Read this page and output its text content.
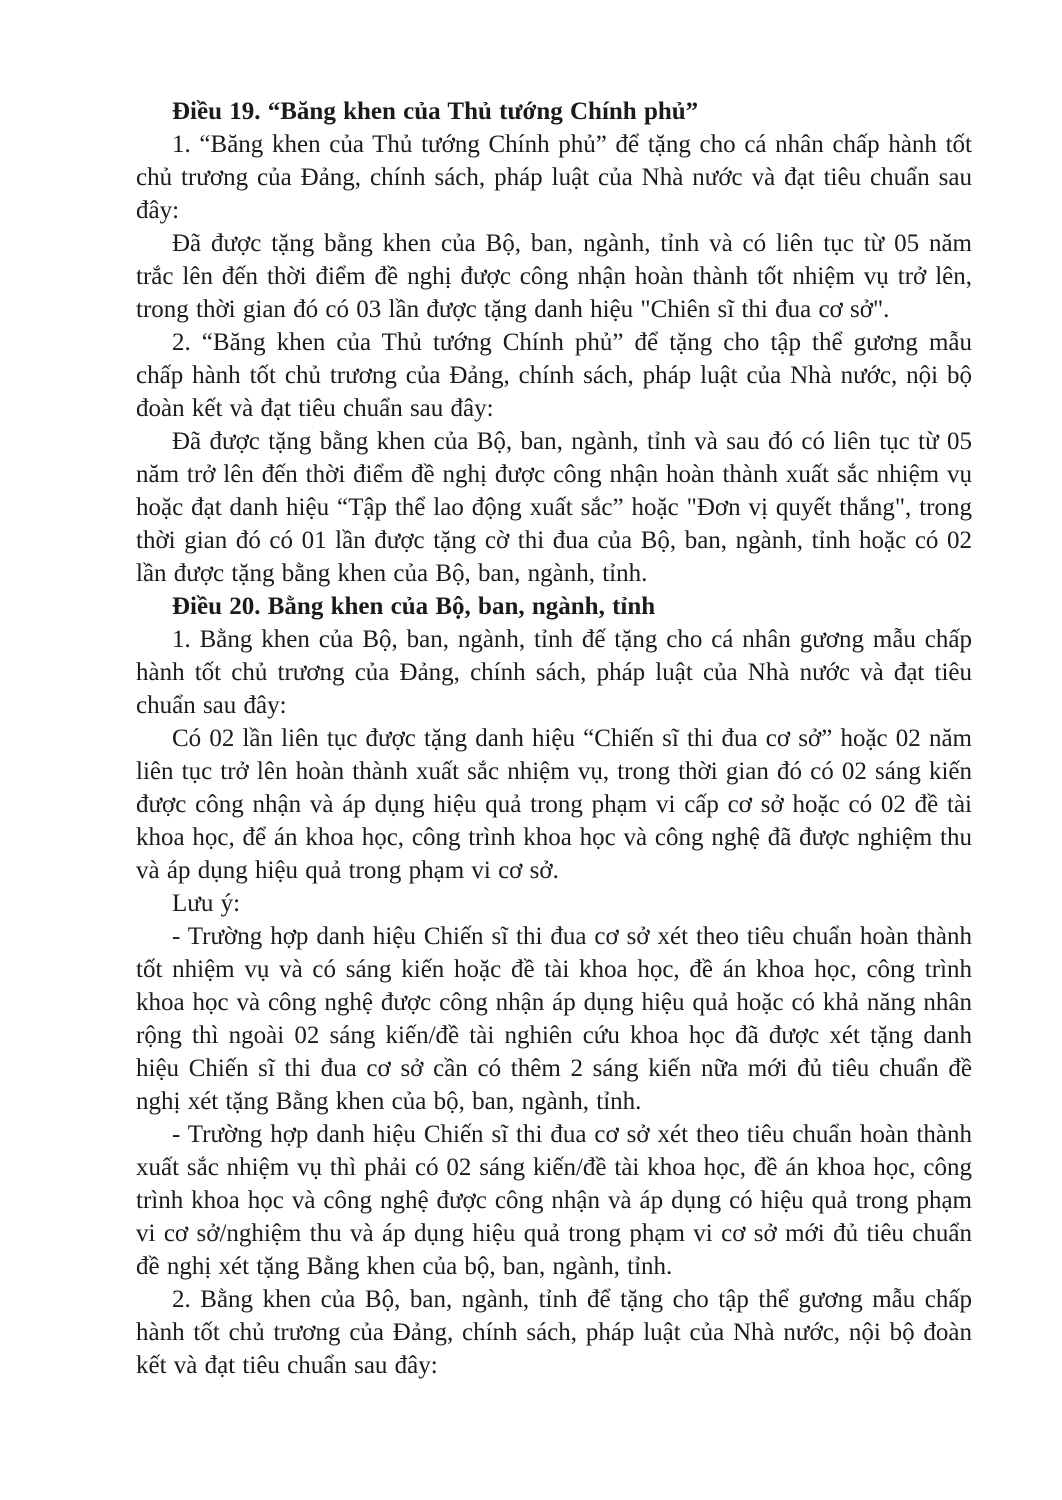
Điều 19. “Băng khen của Thủ tướng Chính phủ”

1. “Băng khen của Thủ tướng Chính phủ” để tặng cho cá nhân chấp hành tốt chủ trương của Đảng, chính sách, pháp luật của Nhà nước và đạt tiêu chuẩn sau đây:

Đã được tặng bằng khen của Bộ, ban, ngành, tỉnh và có liên tục từ 05 năm trắc lên đến thời điểm đề nghị được công nhận hoàn thành tốt nhiệm vụ trở lên, trong thời gian đó có 03 lần được tặng danh hiệu "Chiên sĩ thi đua cơ sở".

2. “Băng khen của Thủ tướng Chính phủ” để tặng cho tập thể gương mẫu chấp hành tốt chủ trương của Đảng, chính sách, pháp luật của Nhà nước, nội bộ đoàn kết và đạt tiêu chuẩn sau đây:

Đã được tặng bằng khen của Bộ, ban, ngành, tỉnh và sau đó có liên tục từ 05 năm trở lên đến thời điểm đề nghị được công nhận hoàn thành xuất sắc nhiệm vụ hoặc đạt danh hiệu “Tập thể lao động xuất sắc” hoặc "Đơn vị quyết thắng", trong thời gian đó có 01 lần được tặng cờ thi đua của Bộ, ban, ngành, tỉnh hoặc có 02 lần được tặng bằng khen của Bộ, ban, ngành, tỉnh.

Điều 20. Bằng khen của Bộ, ban, ngành, tỉnh

1. Bằng khen của Bộ, ban, ngành, tỉnh đế tặng cho cá nhân gương mẫu chấp hành tốt chủ trương của Đảng, chính sách, pháp luật của Nhà nước và đạt tiêu chuẩn sau đây:

Có 02 lần liên tục được tặng danh hiệu “Chiến sĩ thi đua cơ sở” hoặc 02 năm liên tục trở lên hoàn thành xuất sắc nhiệm vụ, trong thời gian đó có 02 sáng kiến được công nhận và áp dụng hiệu quả trong phạm vi cấp cơ sở hoặc có 02 đề tài khoa học, để án khoa học, công trình khoa học và công nghệ đã được nghiệm thu và áp dụng hiệu quả trong phạm vi cơ sở.

Lưu ý:

- Trường hợp danh hiệu Chiến sĩ thi đua cơ sở xét theo tiêu chuẩn hoàn thành tốt nhiệm vụ và có sáng kiến hoặc đề tài khoa học, đề án khoa học, công trình khoa học và công nghệ được công nhận áp dụng hiệu quả hoặc có khả năng nhân rộng thì ngoài 02 sáng kiến/đề tài nghiên cứu khoa học đã được xét tặng danh hiệu Chiến sĩ thi đua cơ sở cần có thêm 2 sáng kiến nữa mới đủ tiêu chuẩn đề nghị xét tặng Bằng khen của bộ, ban, ngành, tỉnh.

- Trường hợp danh hiệu Chiến sĩ thi đua cơ sở xét theo tiêu chuẩn hoàn thành xuất sắc nhiệm vụ thì phải có 02 sáng kiến/đề tài khoa học, đề án khoa học, công trình khoa học và công nghệ được công nhận và áp dụng có hiệu quả trong phạm vi cơ sở/nghiệm thu và áp dụng hiệu quả trong phạm vi cơ sở mới đủ tiêu chuẩn đề nghị xét tặng Bằng khen của bộ, ban, ngành, tỉnh.

2. Bằng khen của Bộ, ban, ngành, tỉnh để tặng cho tập thể gương mẫu chấp hành tốt chủ trương của Đảng, chính sách, pháp luật của Nhà nước, nội bộ đoàn kết và đạt tiêu chuẩn sau đây:
